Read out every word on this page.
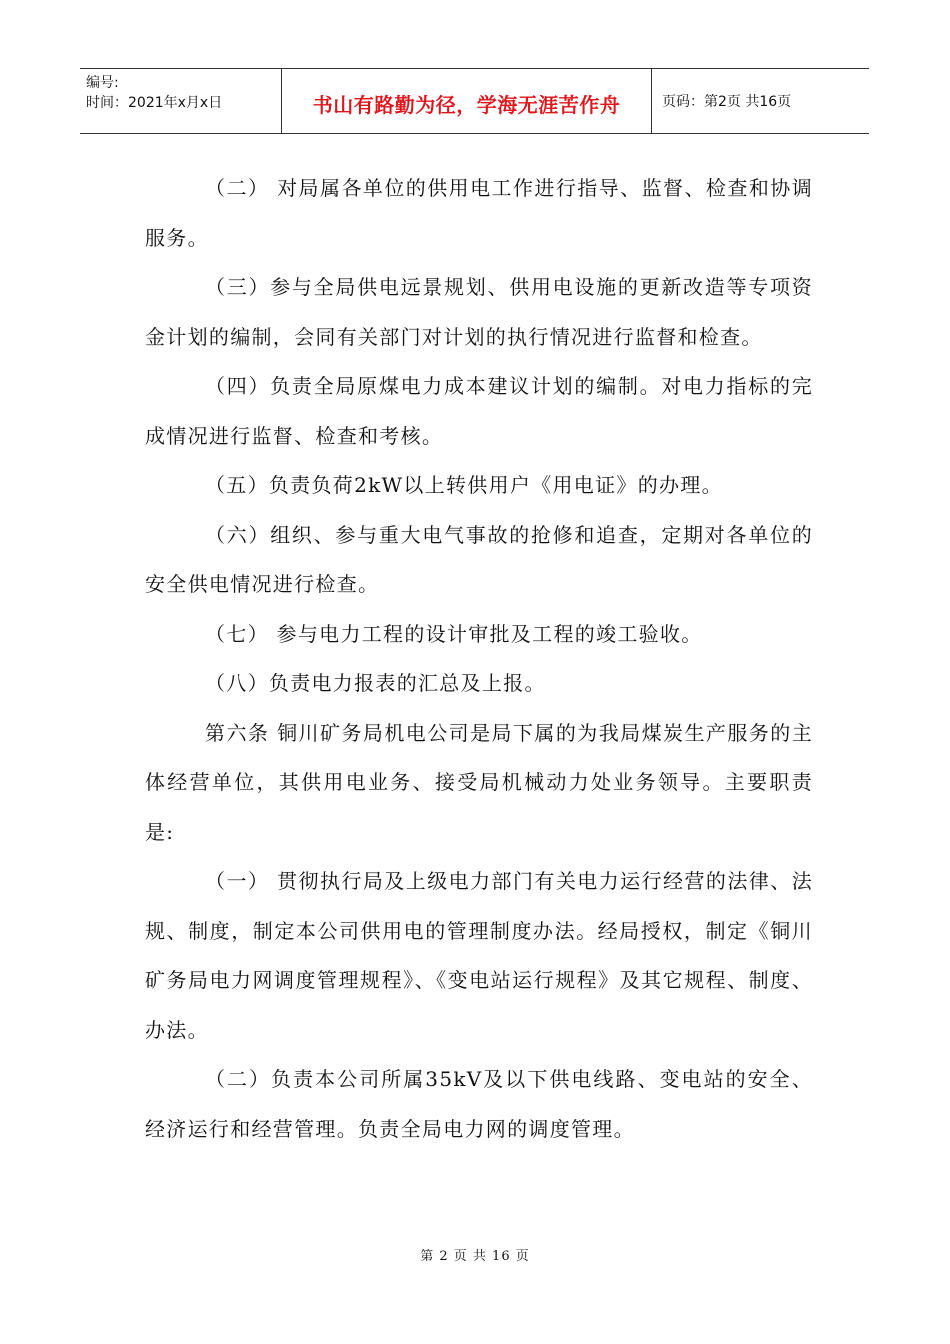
编号:
时间：2021年x月x日	书山有路勤为径，学海无涯苦作舟	页码：第2页 共16页

（二） 对局属各单位的供用电工作进行指导、监督、检查和协调服务。

（三）参与全局供电远景规划、供用电设施的更新改造等专项资金计划的编制，会同有关部门对计划的执行情况进行监督和检查。

（四）负责全局原煤电力成本建议计划的编制。对电力指标的完成情况进行监督、检查和考核。

（五）负责负荷2kW以上转供用户《用电证》的办理。

（六）组织、参与重大电气事故的抢修和追查，定期对各单位的安全供电情况进行检查。

（七） 参与电力工程的设计审批及工程的竣工验收。

（八）负责电力报表的汇总及上报。

第六条 铜川矿务局机电公司是局下属的为我局煤炭生产服务的主体经营单位，其供用电业务、接受局机械动力处业务领导。主要职责是:

（一） 贯彻执行局及上级电力部门有关电力运行经营的法律、法规、制度，制定本公司供用电的管理制度办法。经局授权，制定《铜川矿务局电力网调度管理规程》、《变电站运行规程》及其它规程、制度、办法。

（二）负责本公司所属35kV及以下供电线路、变电站的安全、经济运行和经营管理。负责全局电力网的调度管理。

第 2 页 共 16 页
